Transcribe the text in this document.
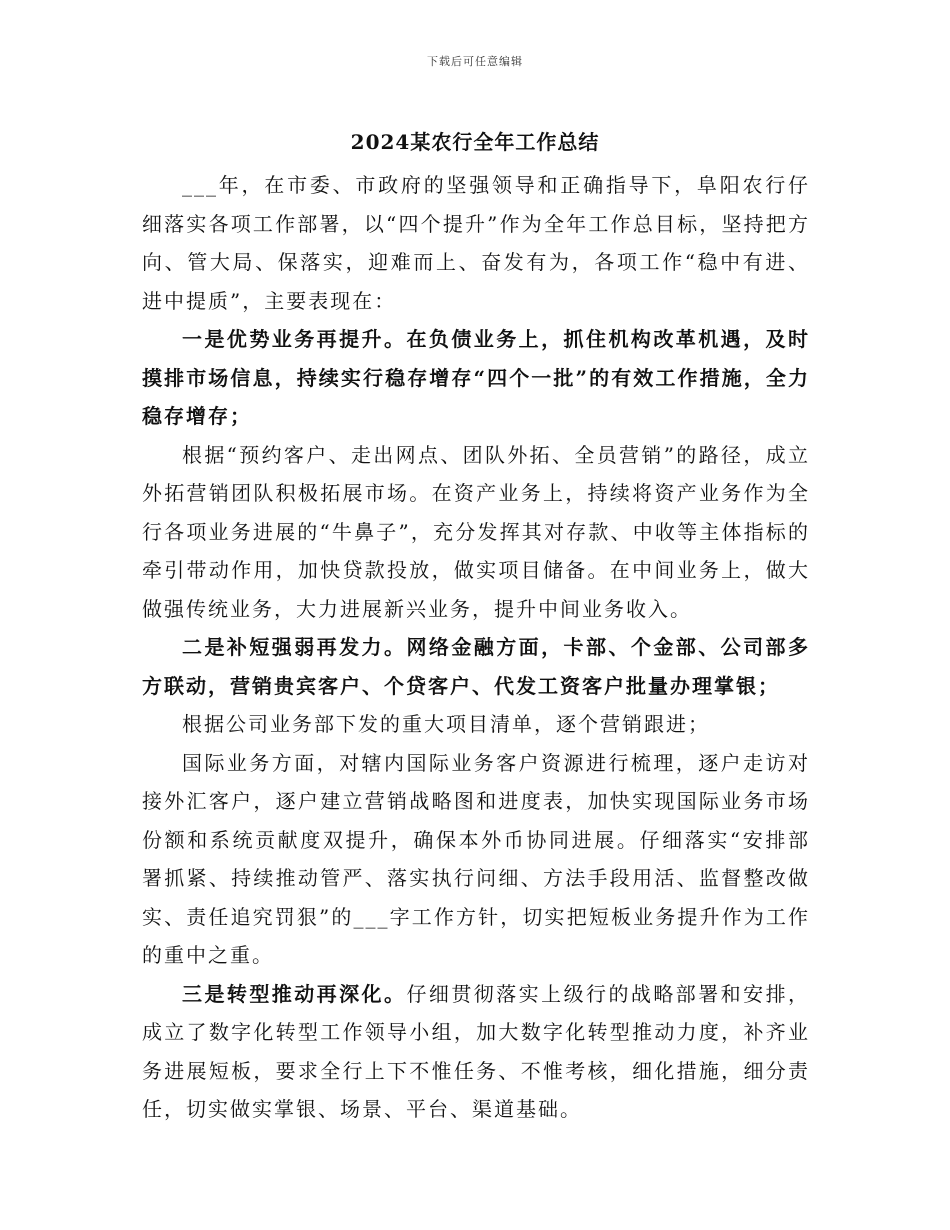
下载后可任意编辑
2024某农行全年工作总结

___年，在市委、市政府的坚强领导和正确指导下，阜阳农行仔细落实各项工作部署，以“四个提升”作为全年工作总目标，坚持把方向、管大局、保落实，迎难而上、奋发有为，各项工作“稳中有进、进中提质”，主要表现在：

一是优势业务再提升。在负债业务上，抓住机构改革机遇，及时摸排市场信息，持续实行稳存增存“四个一批”的有效工作措施，全力稳存增存；

根据“预约客户、走出网点、团队外拓、全员营销”的路径，成立外拓营销团队积极拓展市场。在资产业务上，持续将资产业务作为全行各项业务进展的“牛鼻子”，充分发挥其对存款、中收等主体指标的牵引带动作用，加快贷款投放，做实项目储备。在中间业务上，做大做强传统业务，大力进展新兴业务，提升中间业务收入。

二是补短强弱再发力。网络金融方面，卡部、个金部、公司部多方联动，营销贵宾客户、个贷客户、代发工资客户批量办理掌银；

根据公司业务部下发的重大项目清单，逐个营销跟进；

国际业务方面，对辖内国际业务客户资源进行梳理，逐户走访对接外汇客户，逐户建立营销战略图和进度表，加快实现国际业务市场份额和系统贡献度双提升，确保本外币协同进展。仔细落实“安排部署抓紧、持续推动管严、落实执行问细、方法手段用活、监督整改做实、责任追究罚狠”的___字工作方针，切实把短板业务提升作为工作的重中之重。

三是转型推动再深化。仔细贯彻落实上级行的战略部署和安排，成立了数字化转型工作领导小组，加大数字化转型推动力度，补齐业务进展短板，要求全行上下不惟任务、不惟考核，细化措施，细分责任，切实做实掌银、场景、平台、渠道基础。
